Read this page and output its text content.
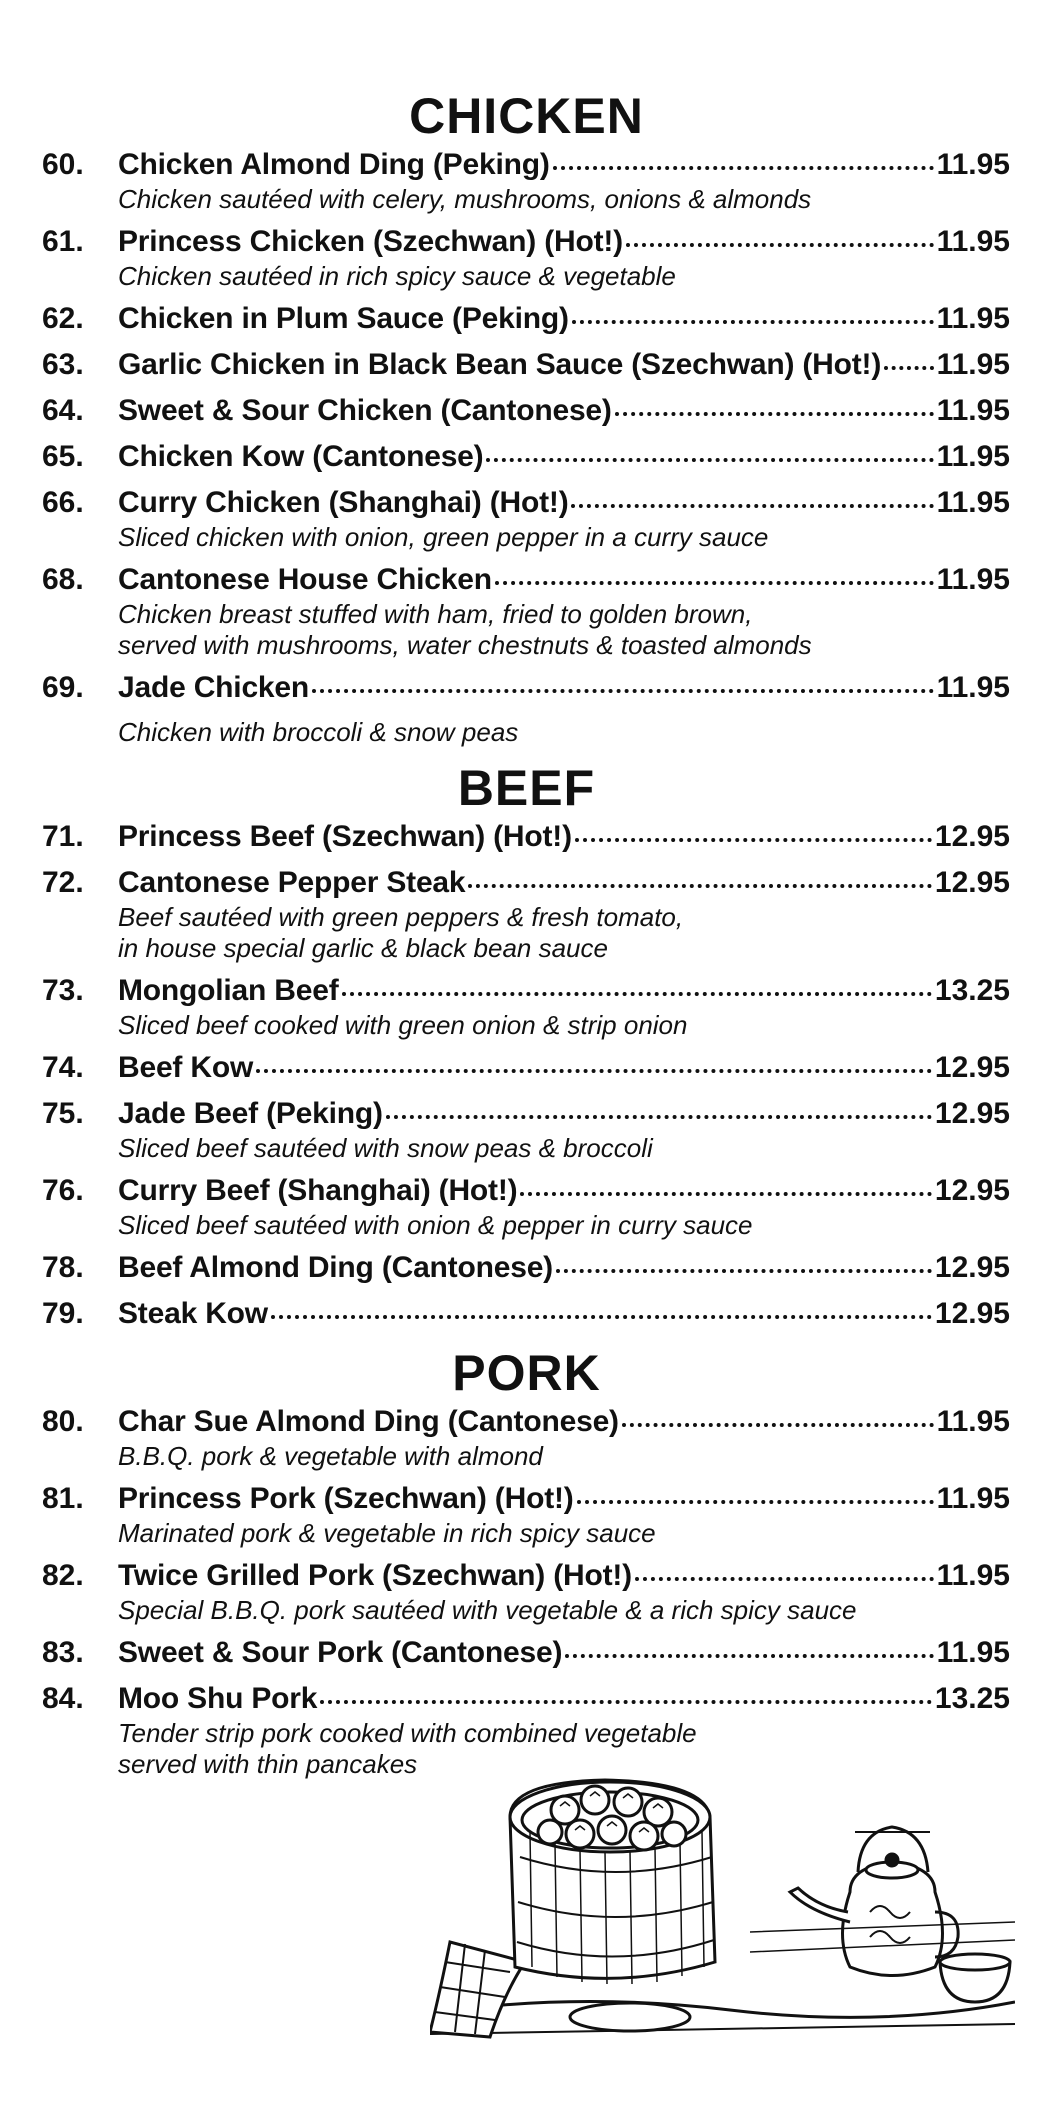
CHICKEN
60.	Chicken Almond Ding (Peking)	11.95
Chicken sautéed with celery, mushrooms, onions & almonds
61.	Princess Chicken (Szechwan) (Hot!)	11.95
Chicken sautéed in rich spicy sauce & vegetable
62.	Chicken in Plum Sauce (Peking)	11.95
63.	Garlic Chicken in Black Bean Sauce (Szechwan) (Hot!) 11.95
64.	Sweet & Sour Chicken (Cantonese)	11.95
65.	Chicken Kow (Cantonese)	11.95
66.	Curry Chicken (Shanghai) (Hot!)	11.95
Sliced chicken with onion, green pepper in a curry sauce
68.	Cantonese House Chicken	11.95
Chicken breast stuffed with ham, fried to golden brown,
served with mushrooms, water chestnuts & toasted almonds
69.	Jade Chicken	11.95
Chicken with broccoli & snow peas
BEEF
71.	Princess Beef (Szechwan) (Hot!)	12.95
72.	Cantonese Pepper Steak	12.95
Beef sautéed with green peppers & fresh tomato,
in house special garlic & black bean sauce
73.	Mongolian Beef	13.25
Sliced beef cooked with green onion & strip onion
74.	Beef Kow	12.95
75.	Jade Beef (Peking)	12.95
Sliced beef sautéed with snow peas & broccoli
76.	Curry Beef (Shanghai) (Hot!)	12.95
Sliced beef sautéed with onion & pepper in curry sauce
78.	Beef Almond Ding (Cantonese)	12.95
79.	Steak Kow	12.95
PORK
80.	Char Sue Almond Ding (Cantonese)	11.95
B.B.Q. pork & vegetable with almond
81.	Princess Pork (Szechwan) (Hot!)	11.95
Marinated pork & vegetable in rich spicy sauce
82.	Twice Grilled Pork (Szechwan) (Hot!)	11.95
Special B.B.Q. pork sautéed with vegetable & a rich spicy sauce
83.	Sweet & Sour Pork (Cantonese)	11.95
84.	Moo Shu Pork	13.25
Tender strip pork cooked with combined vegetable
served with thin pancakes
